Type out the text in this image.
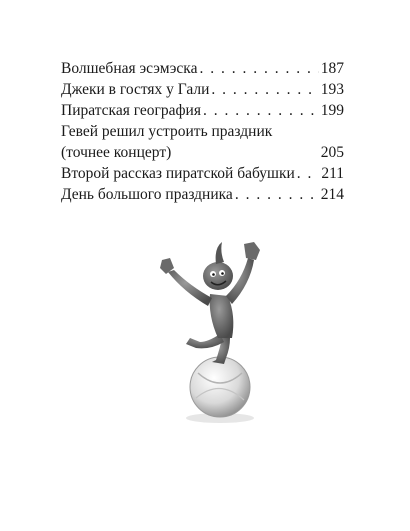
Волшебная эсэмэска . . .	187
Джеки в гостях у Гали . . .	193
Пиратская география . . .	199
Гевей решил устроить праздник
(точнее концерт)	205
Второй рассказ пиратской бабушки . . . 211
День большого праздника . . .	214
